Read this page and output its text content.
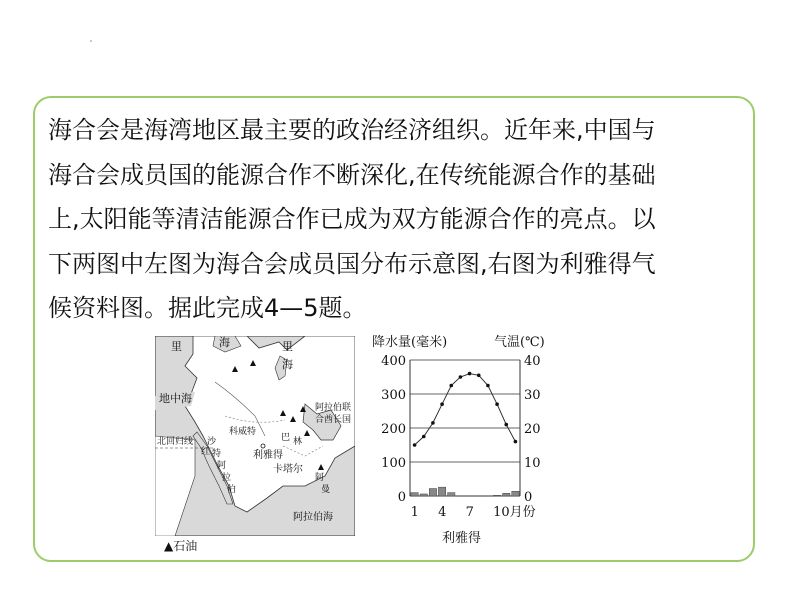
海合会是海湾地区最主要的政治经济组织。近年来,中国与
海合会成员国的能源合作不断深化,在传统能源合作的基础
上,太阳能等清洁能源合作已成为双方能源合作的亮点。以
下两图中左图为海合会成员国分布示意图,右图为利雅得气
候资料图。据此完成4—5题。
里	海	里
海
地中海
阿拉伯联
合酋长国
科威特
巴 林
沙
特
阿
拉
伯
利雅得
卡塔尔
北回归线
红
阿
曼
阿拉伯海
▲石油
降水量(毫米)	气温(℃)
0
100
200
300
400
0
10
20
30
40
1 4 7 10月份
利雅得
